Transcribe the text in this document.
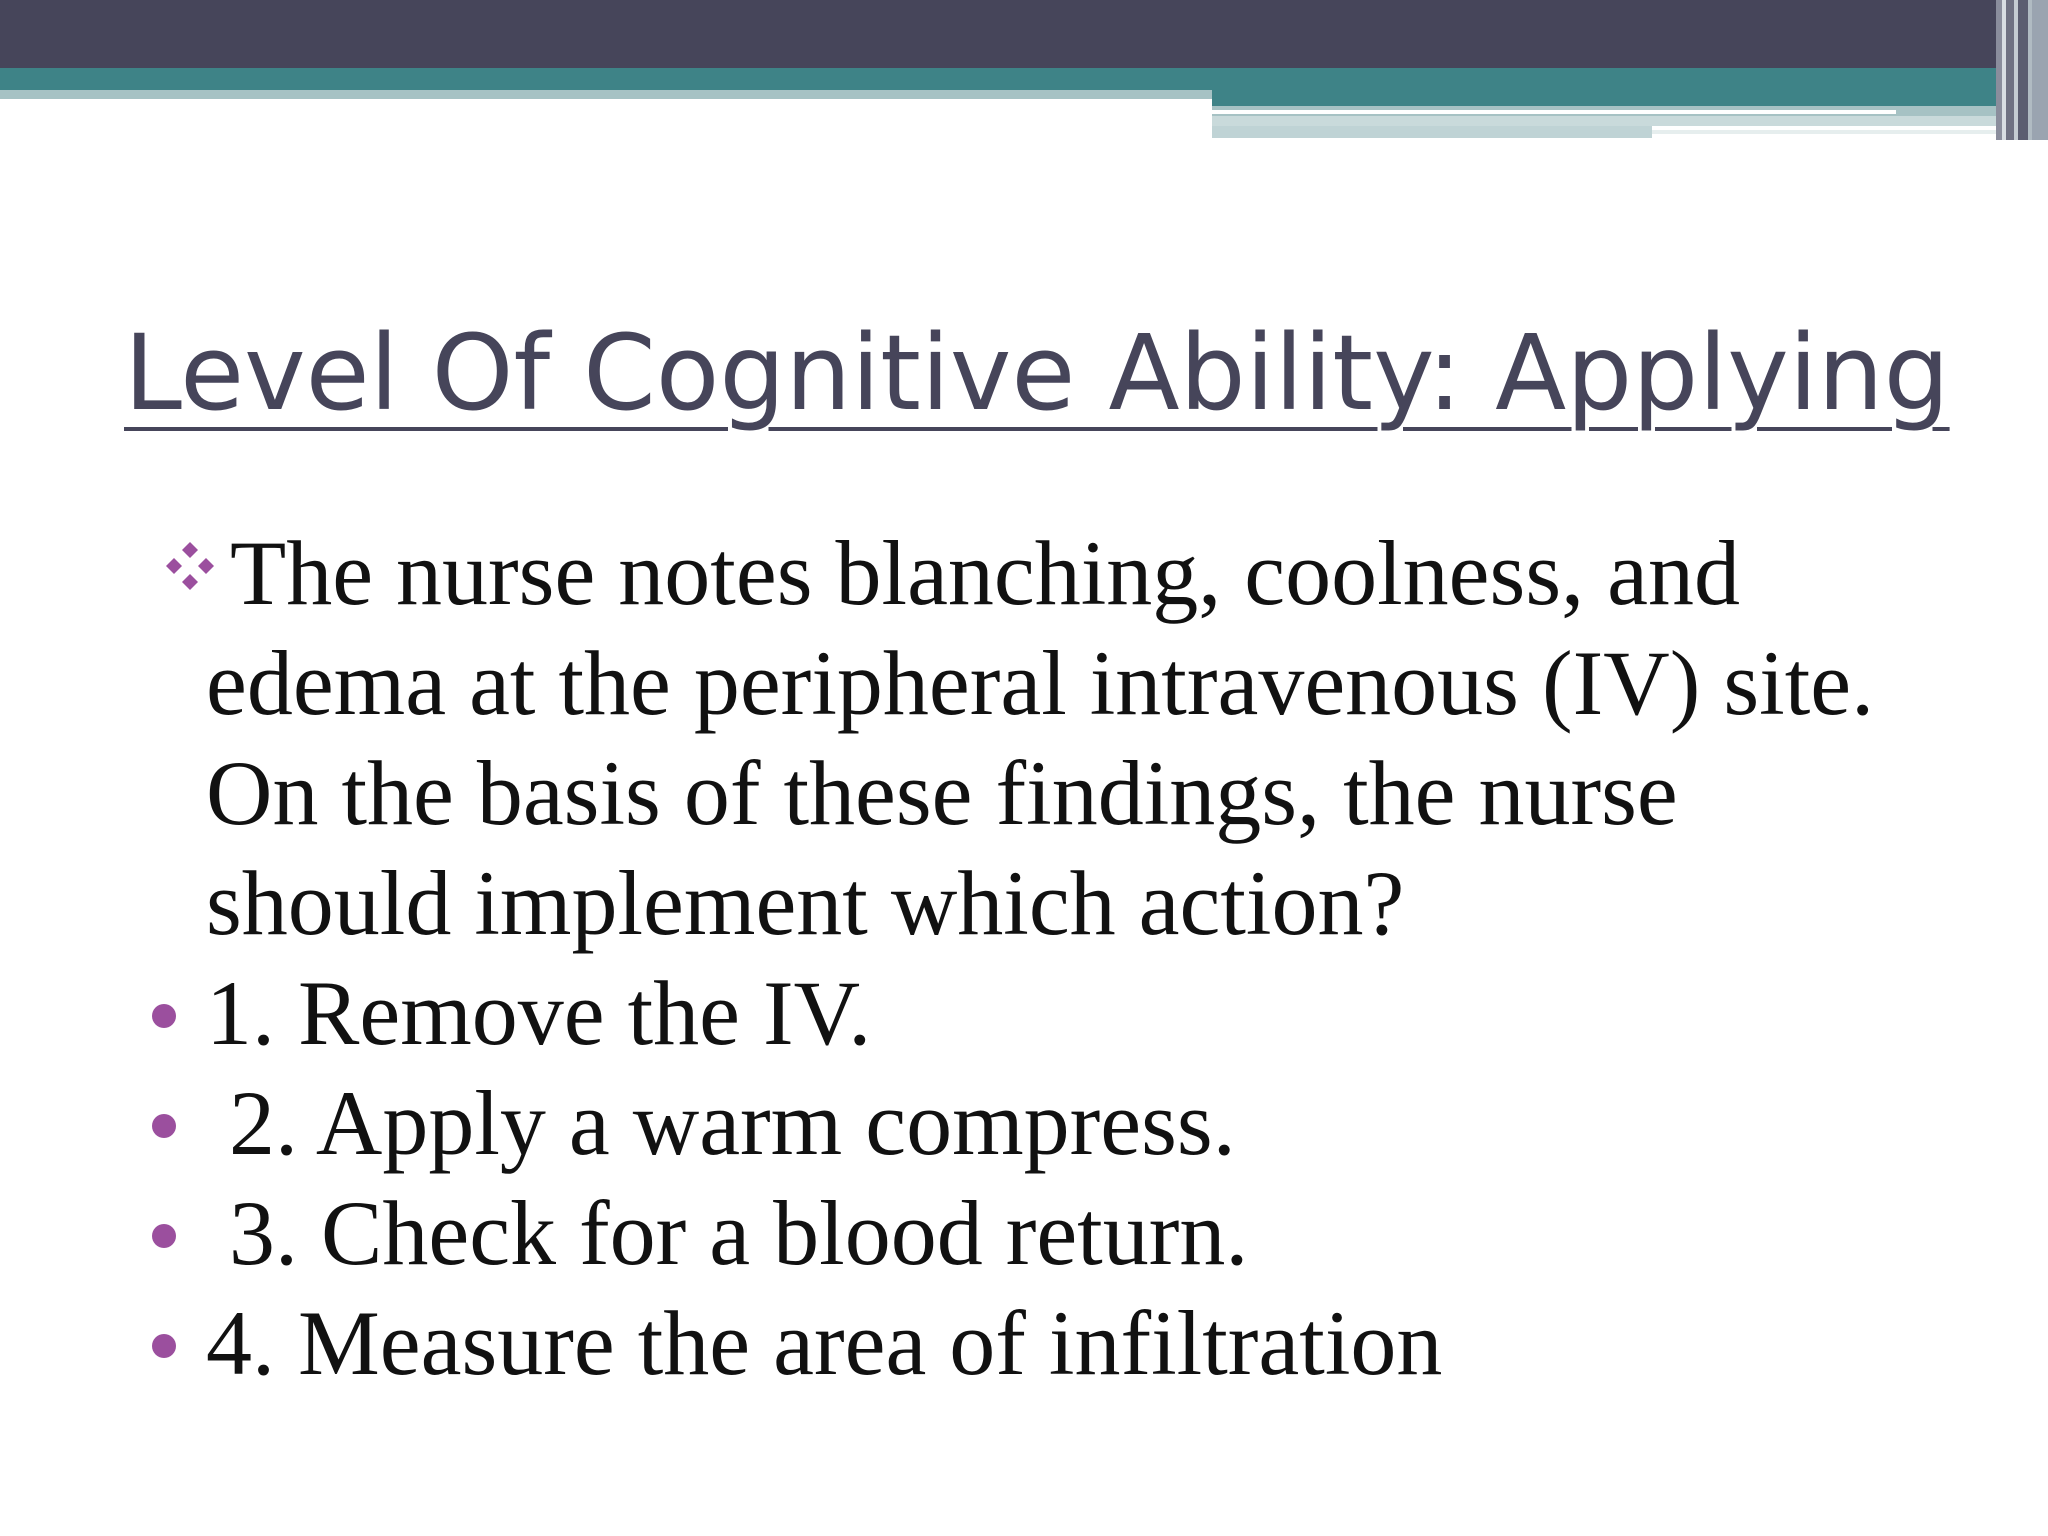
Level Of Cognitive Ability: Applying
The nurse notes blanching, coolness, and edema at the peripheral intravenous (IV) site. On the basis of these findings, the nurse should implement which action?
1. Remove the IV.
2. Apply a warm compress.
3. Check for a blood return.
4. Measure the area of infiltration
